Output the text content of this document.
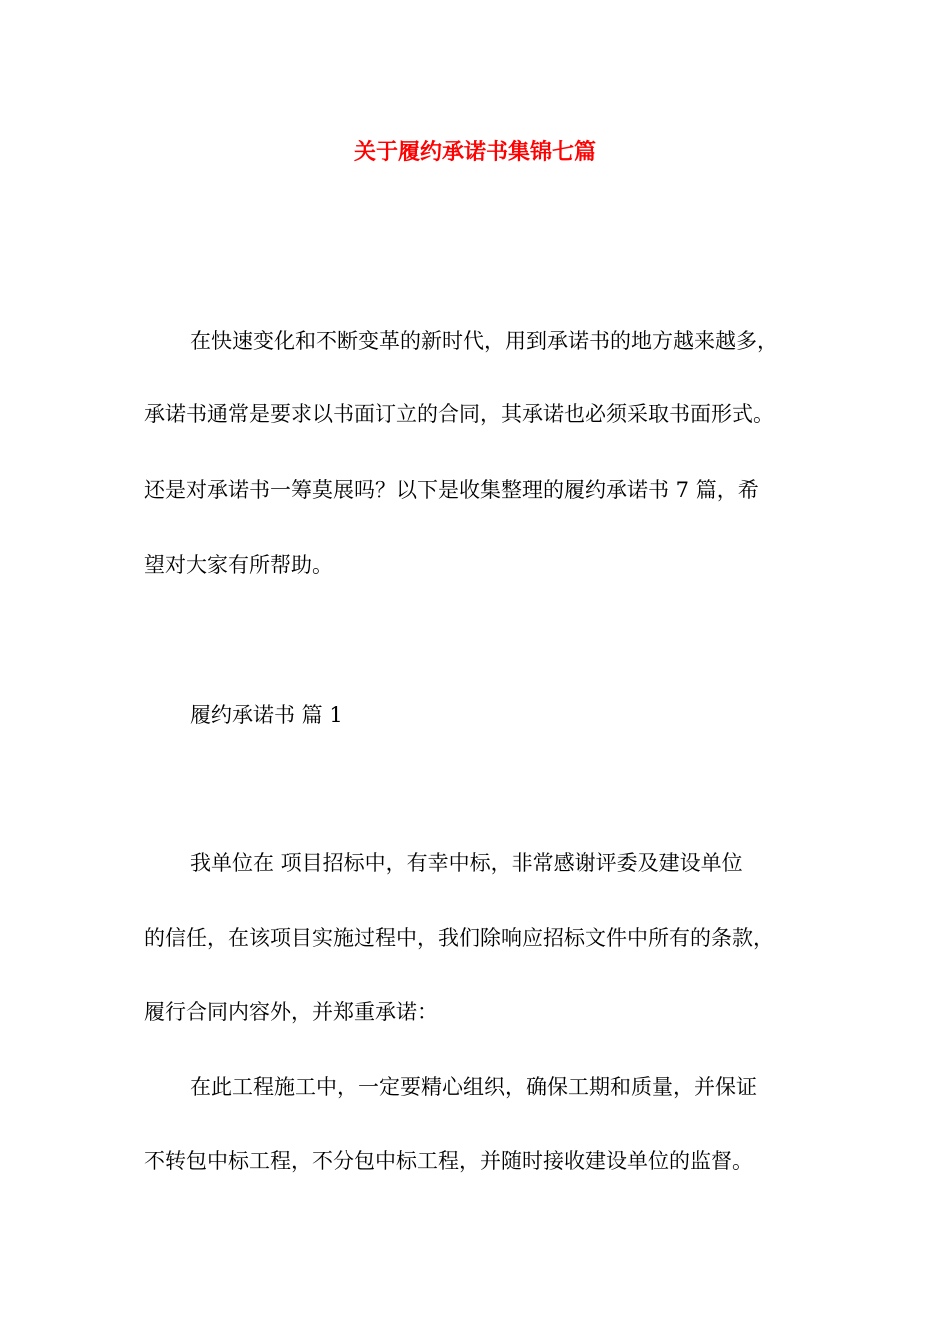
关于履约承诺书集锦七篇

在快速变化和不断变革的新时代，用到承诺书的地方越来越多，

承诺书通常是要求以书面订立的合同，其承诺也必须采取书面形式。

还是对承诺书一筹莫展吗？以下是收集整理的履约承诺书 7 篇，希

望对大家有所帮助。

履约承诺书 篇 1

我单位在 项目招标中，有幸中标，非常感谢评委及建设单位

的信任，在该项目实施过程中，我们除响应招标文件中所有的条款，

履行合同内容外，并郑重承诺：

在此工程施工中，一定要精心组织，确保工期和质量，并保证

不转包中标工程，不分包中标工程，并随时接收建设单位的监督。
